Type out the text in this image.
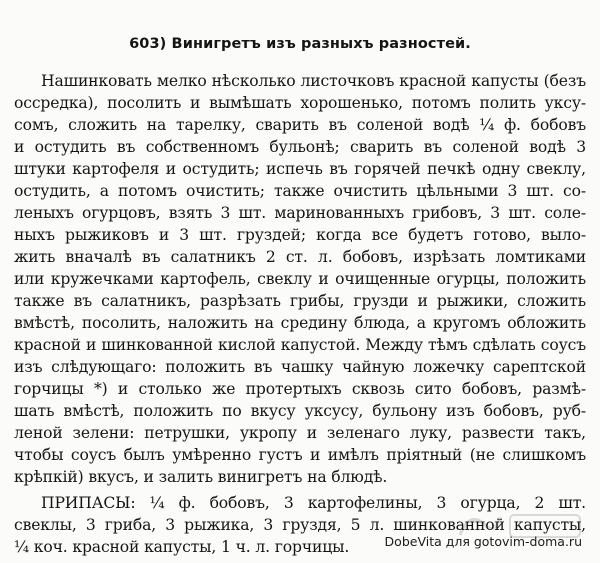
603) Винигретъ изъ разныхъ разностей.
Нашинковать мелко нѣсколько листочковъ красной капусты (безъ
оссредка), посолить и вымѣшать хорошенько, потомъ полить уксу-
сомъ, сложить на тарелку, сварить въ соленой водѣ ¼ ф. бобовъ
и остудить въ собственномъ бульонѣ; сварить въ соленой водѣ 3
штуки картофеля и остудить; испечь въ горячей печкѣ одну свеклу,
остудить, а потомъ очистить; также очистить цѣльными 3 шт. со-
леныхъ огурцовъ, взять 3 шт. маринованныхъ грибовъ, 3 шт. соле-
ныхъ рыжиковъ и 3 шт. груздей; когда все будетъ готово, выло-
жить вначалѣ въ салатникъ 2 ст. л. бобовъ, изрѣзать ломтиками
или кружечками картофель, свеклу и очищенные огурцы, положить
также въ салатникъ, разрѣзать грибы, грузди и рыжики, сложить
вмѣстѣ, посолить, наложить на средину блюда, а кругомъ обложить
красной и шинкованной кислой капустой. Между тѣмъ сдѣлать соусъ
изъ слѣдующаго: положить въ чашку чайную ложечку сарептской
горчицы *) и столько же протертыхъ сквозь сито бобовъ, размѣ-
шать вмѣстѣ, положить по вкусу уксусу, бульону изъ бобовъ, руб-
леной зелени: петрушки, укропу и зеленаго луку, развести такъ,
чтобы соусъ былъ умѣренно густъ и имѣлъ пріятный (не слишкомъ
крѣпкій) вкусъ, и залить винигретъ на блюдѣ.
ПРИПАСЫ: ¼ ф. бобовъ, 3 картофелины, 3 огурца, 2 шт.
свеклы, 3 гриба, 3 рыжика, 3 груздя, 5 л. шинкованной капусты,
¼ коч. красной капусты, 1 ч. л. горчицы.	DobeVita для gotovim-doma.ru
